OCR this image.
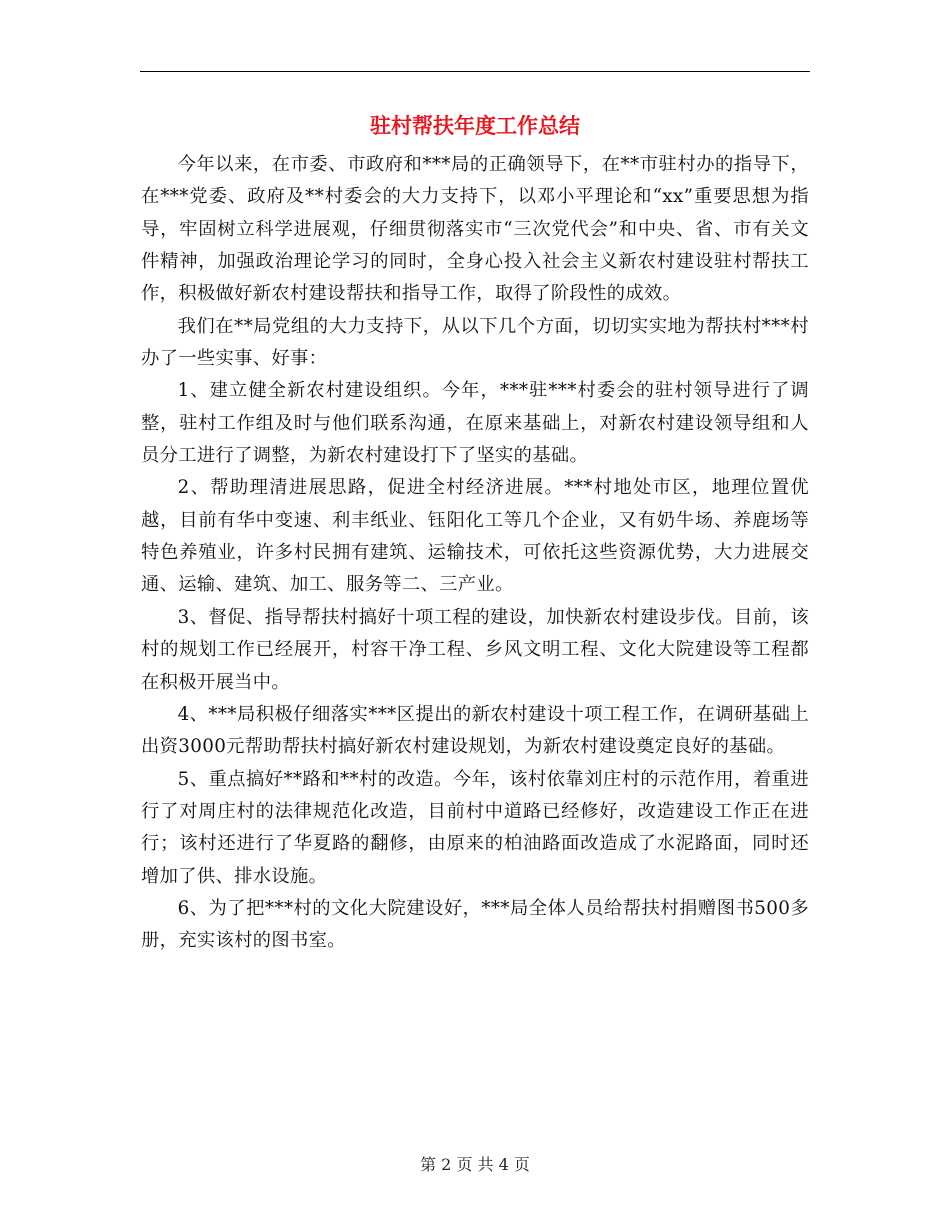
驻村帮扶年度工作总结

今年以来，在市委、市政府和***局的正确领导下，在**市驻村办的指导下，在***党委、政府及**村委会的大力支持下，以邓小平理论和“xx”重要思想为指导，牢固树立科学进展观，仔细贯彻落实市“三次党代会”和中央、省、市有关文件精神，加强政治理论学习的同时，全身心投入社会主义新农村建设驻村帮扶工作，积极做好新农村建设帮扶和指导工作，取得了阶段性的成效。

我们在**局党组的大力支持下，从以下几个方面，切切实实地为帮扶村***村办了一些实事、好事：

1、建立健全新农村建设组织。今年，***驻***村委会的驻村领导进行了调整，驻村工作组及时与他们联系沟通，在原来基础上，对新农村建设领导组和人员分工进行了调整，为新农村建设打下了坚实的基础。

2、帮助理清进展思路，促进全村经济进展。***村地处市区，地理位置优越，目前有华中变速、利丰纸业、钰阳化工等几个企业，又有奶牛场、养鹿场等特色养殖业，许多村民拥有建筑、运输技术，可依托这些资源优势，大力进展交通、运输、建筑、加工、服务等二、三产业。

3、督促、指导帮扶村搞好十项工程的建设，加快新农村建设步伐。目前，该村的规划工作已经展开，村容干净工程、乡风文明工程、文化大院建设等工程都在积极开展当中。

4、***局积极仔细落实***区提出的新农村建设十项工程工作，在调研基础上出资3000元帮助帮扶村搞好新农村建设规划，为新农村建设奠定良好的基础。

5、重点搞好**路和**村的改造。今年，该村依靠刘庄村的示范作用，着重进行了对周庄村的法律规范化改造，目前村中道路已经修好，改造建设工作正在进行；该村还进行了华夏路的翻修，由原来的柏油路面改造成了水泥路面，同时还增加了供、排水设施。

6、为了把***村的文化大院建设好，***局全体人员给帮扶村捐赠图书500多册，充实该村的图书室。

第 2 页 共 4 页
